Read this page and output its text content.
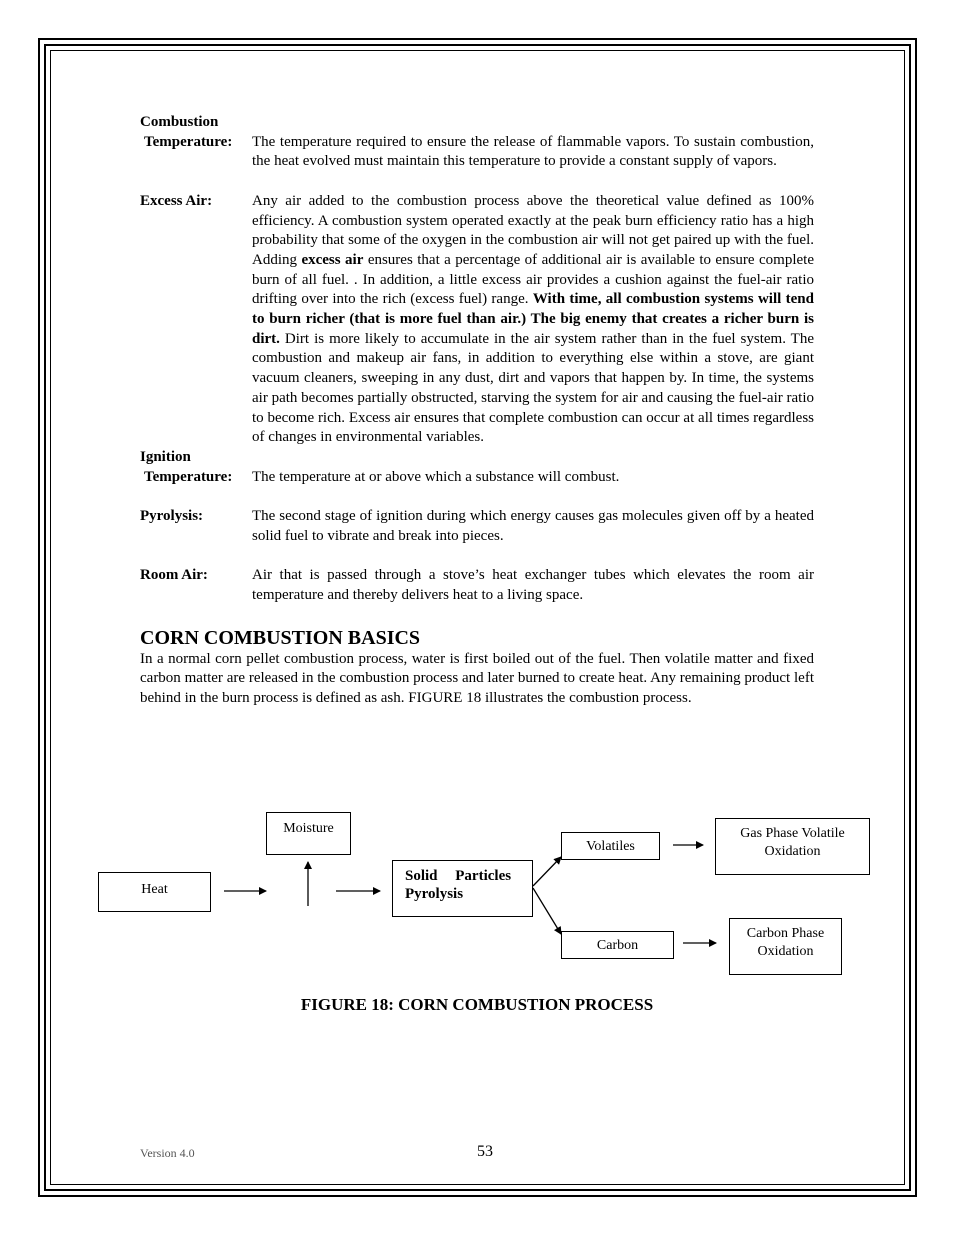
Combustion
Temperature:	The temperature required to ensure the release of flammable vapors. To sustain combustion, the heat evolved must maintain this temperature to provide a constant supply of vapors.
Excess Air:	Any air added to the combustion process above the theoretical value defined as 100% efficiency. A combustion system operated exactly at the peak burn efficiency ratio has a high probability that some of the oxygen in the combustion air will not get paired up with the fuel. Adding excess air ensures that a percentage of additional air is available to ensure complete burn of all fuel. . In addition, a little excess air provides a cushion against the fuel-air ratio drifting over into the rich (excess fuel) range. With time, all combustion systems will tend to burn richer (that is more fuel than air.) The big enemy that creates a richer burn is dirt. Dirt is more likely to accumulate in the air system rather than in the fuel system. The combustion and makeup air fans, in addition to everything else within a stove, are giant vacuum cleaners, sweeping in any dust, dirt and vapors that happen by. In time, the systems air path becomes partially obstructed, starving the system for air and causing the fuel-air ratio to become rich. Excess air ensures that complete combustion can occur at all times regardless of changes in environmental variables.
Ignition
Temperature:	The temperature at or above which a substance will combust.
Pyrolysis:	The second stage of ignition during which energy causes gas molecules given off by a heated solid fuel to vibrate and break into pieces.
Room Air:	Air that is passed through a stove’s heat exchanger tubes which elevates the room air temperature and thereby delivers heat to a living space.
CORN COMBUSTION BASICS
In a normal corn pellet combustion process, water is first boiled out of the fuel. Then volatile matter and fixed carbon matter are released in the combustion process and later burned to create heat. Any remaining product left behind in the burn process is defined as ash. FIGURE 18 illustrates the combustion process.
Heat
Moisture
Solid Particles
Pyrolysis
Volatiles
Carbon
Gas Phase Volatile
Oxidation
Carbon Phase
Oxidation
FIGURE 18: CORN COMBUSTION PROCESS
Version 4.0	53
